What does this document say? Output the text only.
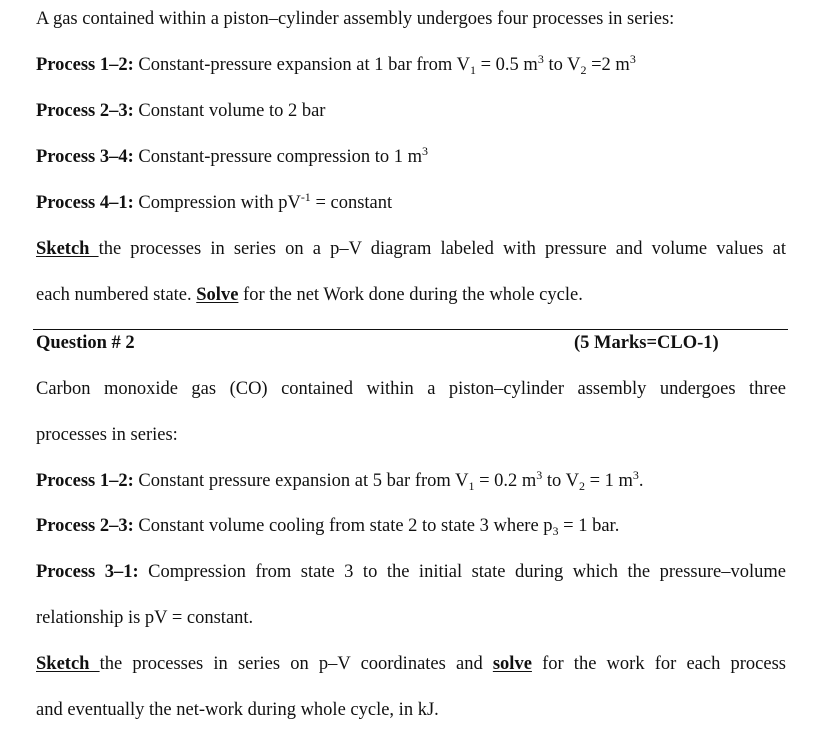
A gas contained within a piston–cylinder assembly undergoes four processes in series:
Process 1–2: Constant-pressure expansion at 1 bar from $V_1 = 0.5$ $m^3$ to $V_2 =2$ $m^3$
Process 2–3: Constant volume to 2 bar
Process 3–4: Constant-pressure compression to 1 $m^3$
Process 4–1: Compression with $pV^{-1}$ = constant
Sketch the processes in series on a p–V diagram labeled with pressure and volume values at
each numbered state. Solve for the net Work done during the whole cycle.
Question # 2	(5 Marks=CLO-1)
Carbon monoxide gas (CO) contained within a piston–cylinder assembly undergoes three
processes in series:
Process 1–2: Constant pressure expansion at 5 bar from $V_1 = 0.2$ $m^3$ to $V_2 = 1$ $m^3$.
Process 2–3: Constant volume cooling from state 2 to state 3 where $p_3 = 1$ bar.
Process 3–1: Compression from state 3 to the initial state during which the pressure–volume
relationship is pV = constant.
Sketch the processes in series on p–V coordinates and solve for the work for each process
and eventually the net-work during whole cycle, in kJ.
